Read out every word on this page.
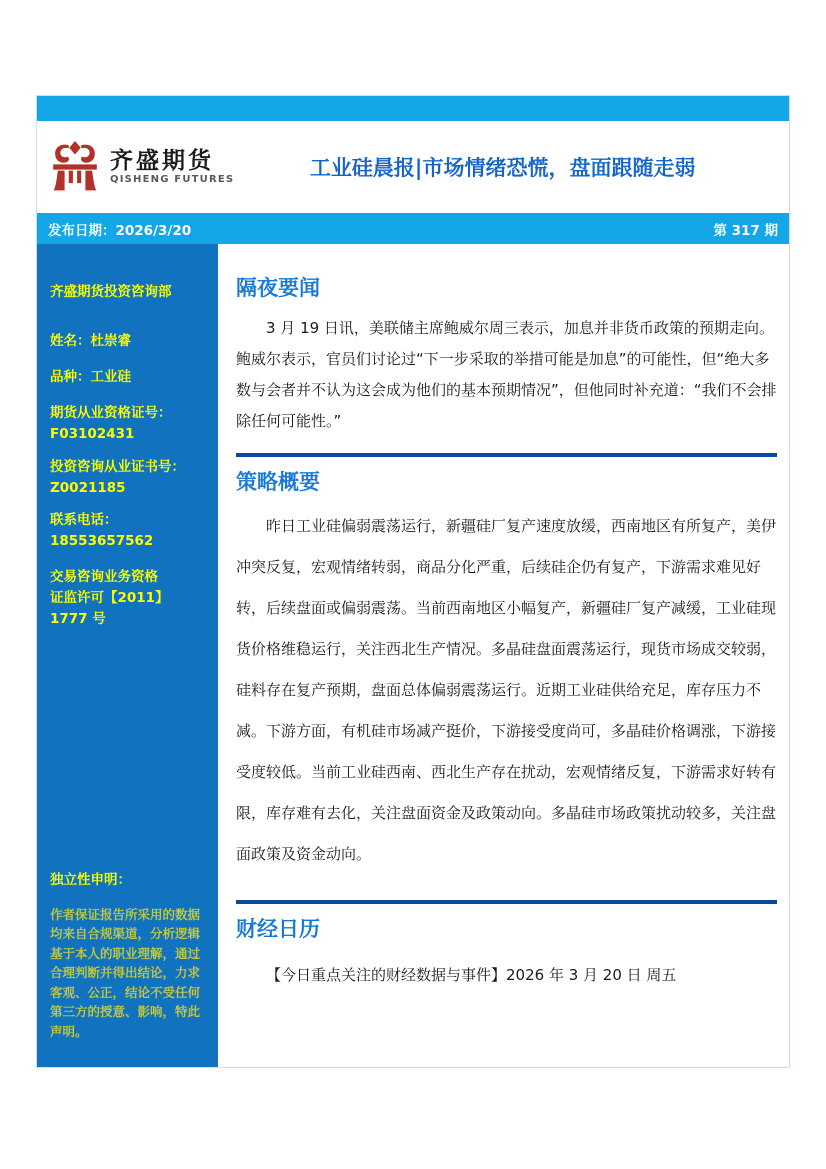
齐盛期货
QISHENG FUTURES	工业硅晨报|市场情绪恐慌，盘面跟随走弱
发布日期：2026/3/20	第 317 期
齐盛期货投资咨询部
姓名：杜崇睿
品种：工业硅
期货从业资格证号：
F03102431
投资咨询从业证书号：
Z0021185
联系电话：18553657562
交易咨询业务资格
证监许可【2011】1777 号
独立性申明：
作者保证报告所采用的数据均来自合规渠道，分析逻辑基于本人的职业理解，通过合理判断并得出结论，力求客观、公正，结论不受任何第三方的授意、影响，特此声明。
隔夜要闻

3 月 19 日讯，美联储主席鲍威尔周三表示，加息并非货币政策的预期走向。鲍威尔表示，官员们讨论过“下一步采取的举措可能是加息”的可能性，但“绝大多数与会者并不认为这会成为他们的基本预期情况”，但他同时补充道：“我们不会排除任何可能性。”

策略概要

昨日工业硅偏弱震荡运行，新疆硅厂复产速度放缓，西南地区有所复产，美伊冲突反复，宏观情绪转弱，商品分化严重，后续硅企仍有复产，下游需求难见好转，后续盘面或偏弱震荡。当前西南地区小幅复产，新疆硅厂复产减缓，工业硅现货价格维稳运行，关注西北生产情况。多晶硅盘面震荡运行，现货市场成交较弱，硅料存在复产预期，盘面总体偏弱震荡运行。近期工业硅供给充足，库存压力不减。下游方面，有机硅市场减产挺价，下游接受度尚可，多晶硅价格调涨，下游接受度较低。当前工业硅西南、西北生产存在扰动，宏观情绪反复，下游需求好转有限，库存难有去化，关注盘面资金及政策动向。多晶硅市场政策扰动较多，关注盘面政策及资金动向。

财经日历

【今日重点关注的财经数据与事件】2026 年 3 月 20 日 周五
